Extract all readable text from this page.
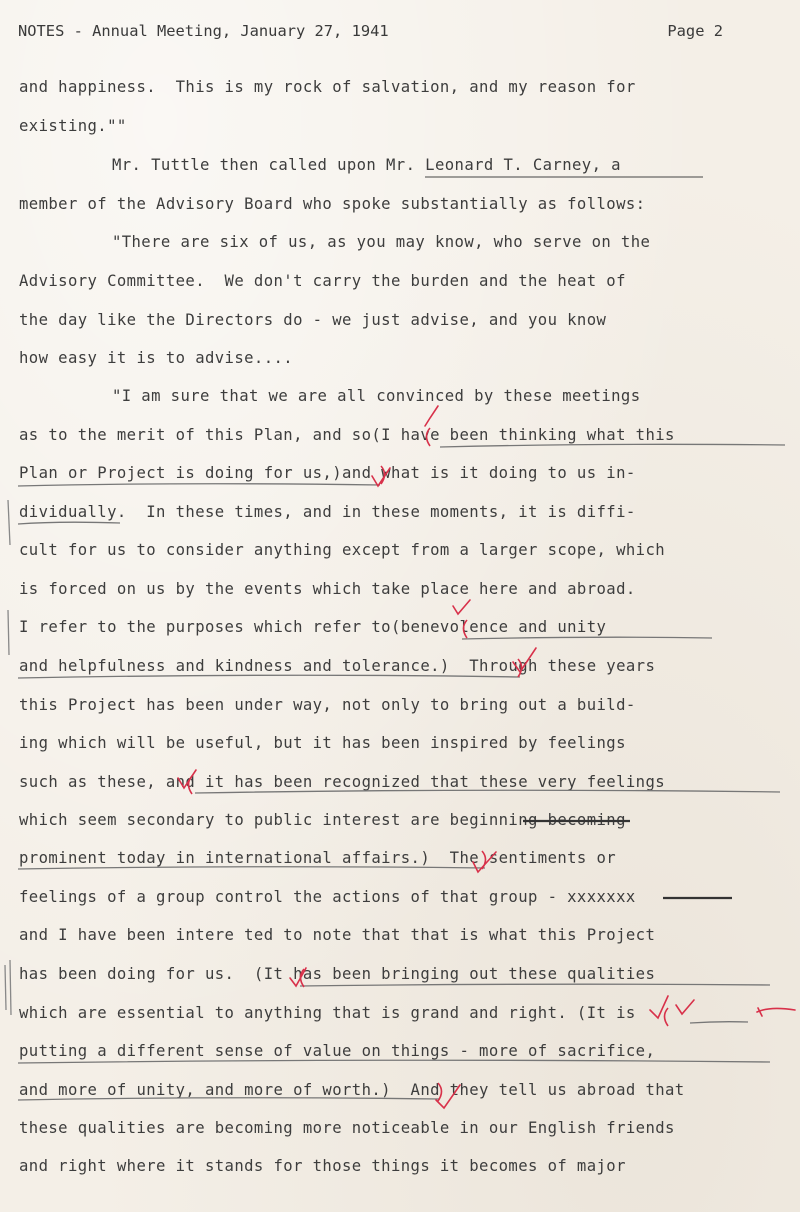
NOTES - Annual Meeting, January 27, 1941	Page 2
and happiness.  This is my rock of salvation, and my reason for
existing.""
Mr. Tuttle then called upon Mr. Leonard T. Carney, a
member of the Advisory Board who spoke substantially as follows:
"There are six of us, as you may know, who serve on the
Advisory Committee.  We don't carry the burden and the heat of
the day like the Directors do - we just advise, and you know
how easy it is to advise....
"I am sure that we are all convinced by these meetings
as to the merit of this Plan, and so(I have been thinking what this
Plan or Project is doing for us,)and what is it doing to us in-
dividually.  In these times, and in these moments, it is diffi-
cult for us to consider anything except from a larger scope, which
is forced on us by the events which take place here and abroad.
I refer to the purposes which refer to(benevolence and unity
and helpfulness and kindness and tolerance.)  Through these years
this Project has been under way, not only to bring out a build-
ing which will be useful, but it has been inspired by feelings
such as these, and it has been recognized that these very feelings
which seem secondary to public interest are beginning becoming
prominent today in international affairs.)  The sentiments or
feelings of a group control the actions of that group - xxxxxxx
and I have been intere ted to note that that is what this Project
has been doing for us.  (It has been bringing out these qualities
which are essential to anything that is grand and right. (It is
putting a different sense of value on things - more of sacrifice,
and more of unity, and more of worth.)  And they tell us abroad that
these qualities are becoming more noticeable in our English friends
and right where it stands for those things it becomes of major
